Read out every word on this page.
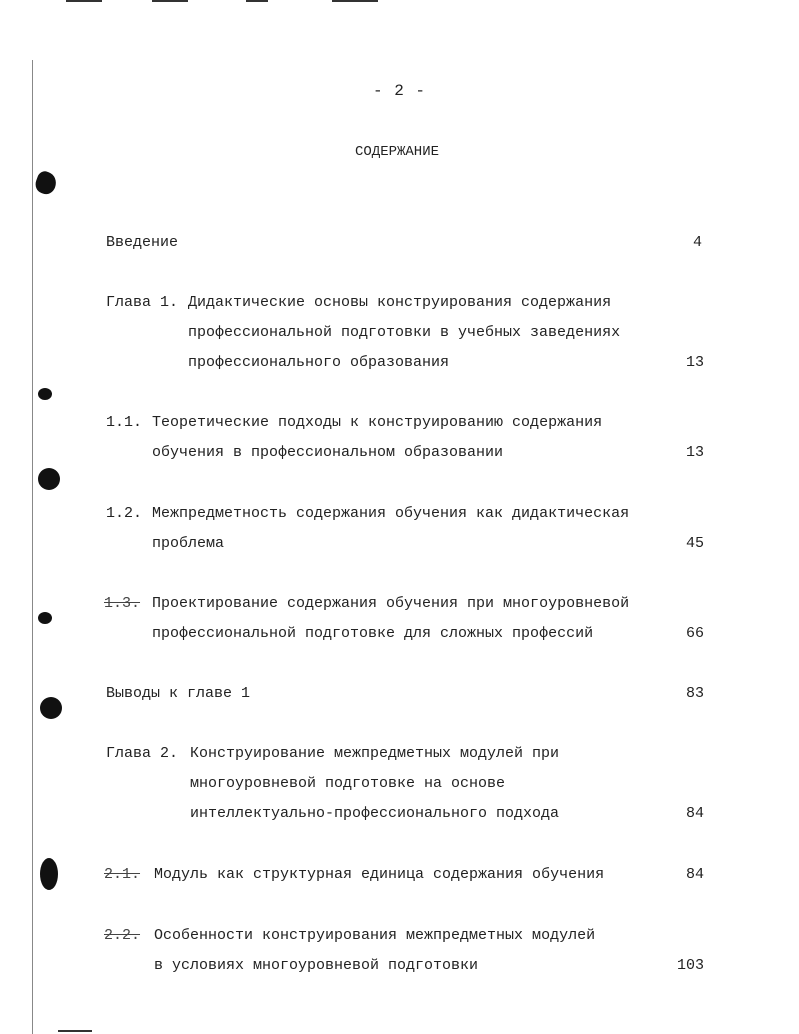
- 2 -
СОДЕРЖАНИЕ
Введение	4
Глава 1. Дидактические основы конструирования содержания
профессиональной подготовки в учебных заведениях
профессионального образования	13
1.1. Теоретические подходы к конструированию содержания
обучения в профессиональном образовании	13
1.2. Межпредметность содержания обучения как дидактическая
проблема	45
1.3. Проектирование содержания обучения при многоуровневой
профессиональной подготовке для сложных профессий	66
Выводы к главе 1	83
Глава 2. Конструирование межпредметных модулей при
многоуровневой подготовке на основе
интеллектуально-профессионального подхода	84
2.1. Модуль как структурная единица содержания обучения	84
2.2. Особенности конструирования межпредметных модулей
в условиях многоуровневой подготовки	103
